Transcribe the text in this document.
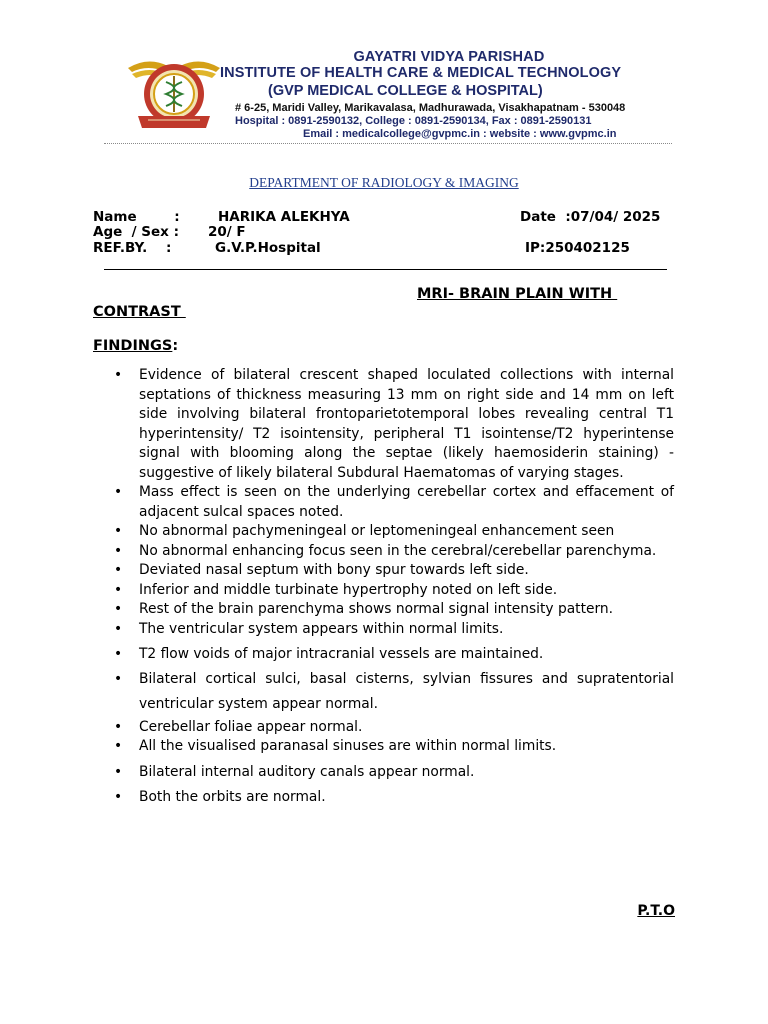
GAYATRI VIDYA PARISHAD
INSTITUTE OF HEALTH CARE & MEDICAL TECHNOLOGY
(GVP MEDICAL COLLEGE & HOSPITAL)
# 6-25, Maridi Valley, Marikavalasa, Madhurawada, Visakhapatnam - 530048
Hospital : 0891-2590132, College : 0891-2590134, Fax : 0891-2590131
Email : medicalcollege@gvpmc.in : website : www.gvpmc.in
DEPARTMENT OF RADIOLOGY & IMAGING
Name        :	HARIKA ALEKHYA	Date  :07/04/ 2025
Age  / Sex : 20/ F
REF.BY.    :	G.V.P.Hospital	IP:250402125
MRI- BRAIN PLAIN WITH
CONTRAST
FINDINGS:
• Evidence of bilateral crescent shaped loculated collections with internal septations of thickness measuring 13 mm on right side and 14 mm on left side involving bilateral frontoparietotemporal lobes revealing central T1 hyperintensity/ T2 isointensity, peripheral T1 isointense/T2 hyperintense signal with blooming along the septae (likely haemosiderin staining) - suggestive of likely bilateral Subdural Haematomas of varying stages.
• Mass effect is seen on the underlying cerebellar cortex and effacement of adjacent sulcal spaces noted.
• No abnormal pachymeningeal or leptomeningeal enhancement seen
• No abnormal enhancing focus seen in the cerebral/cerebellar parenchyma.
• Deviated nasal septum with bony spur towards left side.
• Inferior and middle turbinate hypertrophy noted on left side.
• Rest of the brain parenchyma shows normal signal intensity pattern.
• The ventricular system appears within normal limits.
• T2 flow voids of major intracranial vessels are maintained.
• Bilateral cortical sulci, basal cisterns, sylvian fissures and supratentorial ventricular system appear normal.
• Cerebellar foliae appear normal.
• All the visualised paranasal sinuses are within normal limits.
• Bilateral internal auditory canals appear normal.
• Both the orbits are normal.
P.T.O
